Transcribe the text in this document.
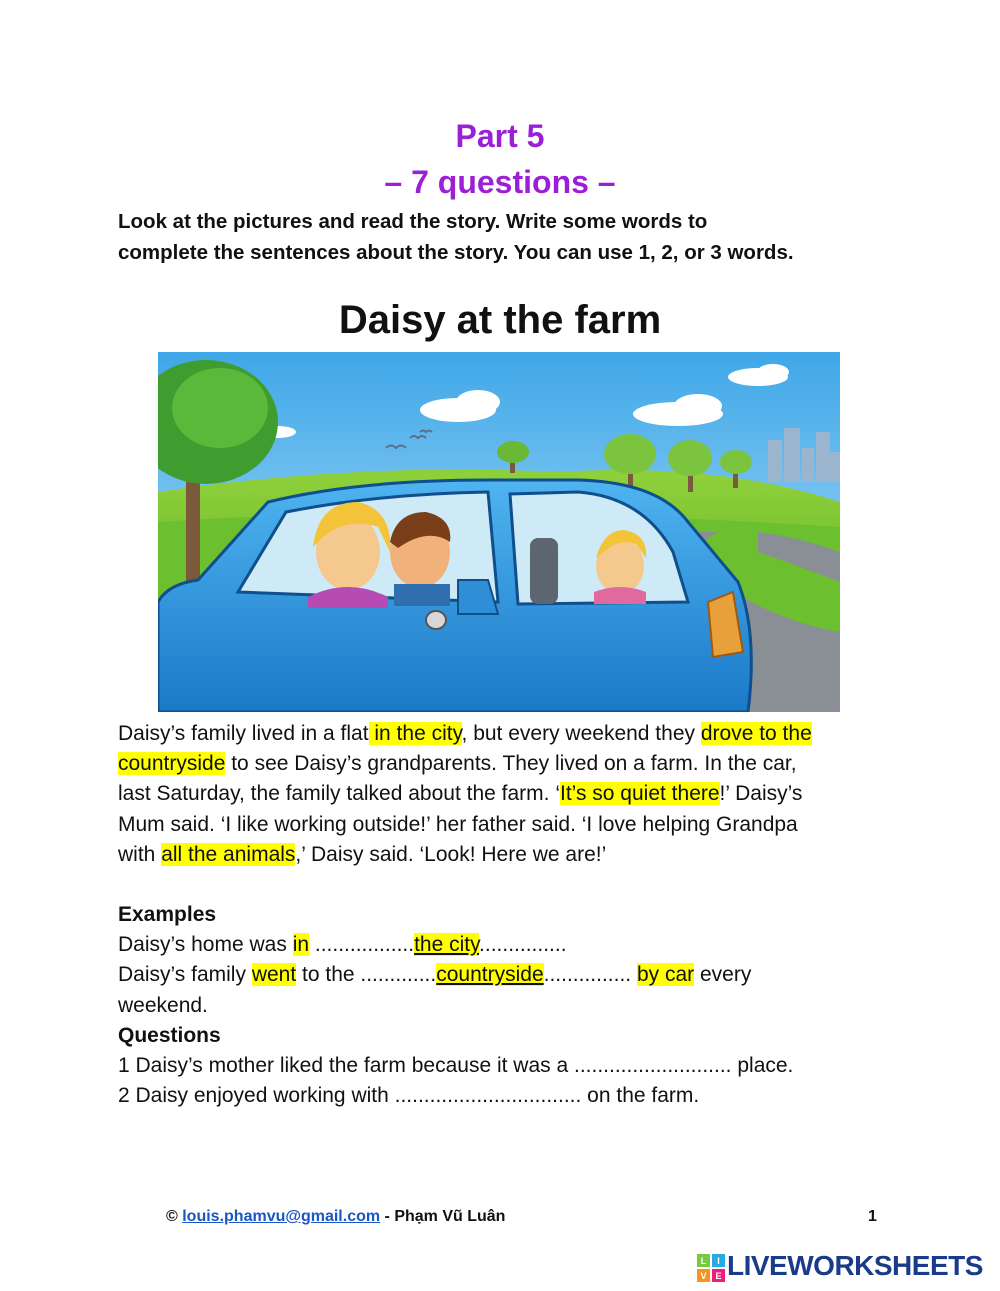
Part 5
– 7 questions –
Look at the pictures and read the story. Write some words to
complete the sentences about the story. You can use 1, 2, or 3 words.
Daisy at the farm
Daisy’s family lived in a flat in the city, but every weekend they drove to the
countryside to see Daisy’s grandparents. They lived on a farm. In the car,
last Saturday, the family talked about the farm. ‘It’s so quiet there!’ Daisy’s
Mum said. ‘I like working outside!’ her father said. ‘I love helping Grandpa
with all the animals,’ Daisy said. ‘Look! Here we are!’
Examples
Daisy’s home was in .................the city...............
Daisy’s family went to the .............countryside............... by car every
weekend.
Questions
1 Daisy’s mother liked the farm because it was a ........................... place.
2 Daisy enjoyed working with ................................ on the farm.
© louis.phamvu@gmail.com - Phạm Vũ Luân	1
L I
V E LIVEWORKSHEETS
